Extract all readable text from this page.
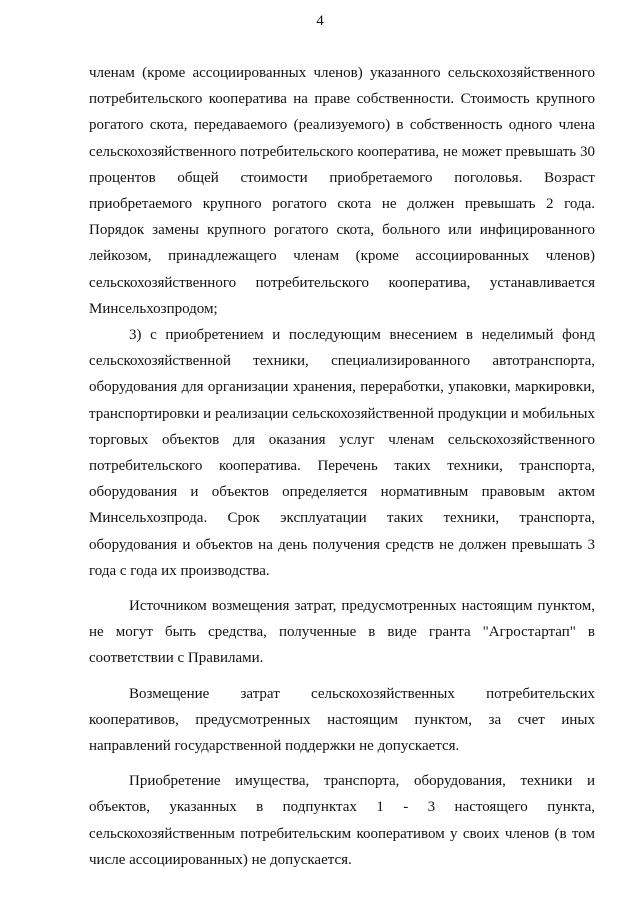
4

членам (кроме ассоциированных членов) указанного сельскохозяйственного потребительского кооператива на праве собственности. Стоимость крупного рогатого скота, передаваемого (реализуемого) в собственность одного члена сельскохозяйственного потребительского кооператива, не может превышать 30 процентов общей стоимости приобретаемого поголовья. Возраст приобретаемого крупного рогатого скота не должен превышать 2 года. Порядок замены крупного рогатого скота, больного или инфицированного лейкозом, принадлежащего членам (кроме ассоциированных членов) сельскохозяйственного потребительского кооператива, устанавливается Минсельхозпродом;

3) с приобретением и последующим внесением в неделимый фонд сельскохозяйственной техники, специализированного автотранспорта, оборудования для организации хранения, переработки, упаковки, маркировки, транспортировки и реализации сельскохозяйственной продукции и мобильных торговых объектов для оказания услуг членам сельскохозяйственного потребительского кооператива. Перечень таких техники, транспорта, оборудования и объектов определяется нормативным правовым актом Минсельхозпрода. Срок эксплуатации таких техники, транспорта, оборудования и объектов на день получения средств не должен превышать 3 года с года их производства.

Источником возмещения затрат, предусмотренных настоящим пунктом, не могут быть средства, полученные в виде гранта "Агростартап" в соответствии с Правилами.

Возмещение затрат сельскохозяйственных потребительских кооперативов, предусмотренных настоящим пунктом, за счет иных направлений государственной поддержки не допускается.

Приобретение имущества, транспорта, оборудования, техники и объектов, указанных в подпунктах 1 - 3 настоящего пункта, сельскохозяйственным потребительским кооперативом у своих членов (в том числе ассоциированных) не допускается.
